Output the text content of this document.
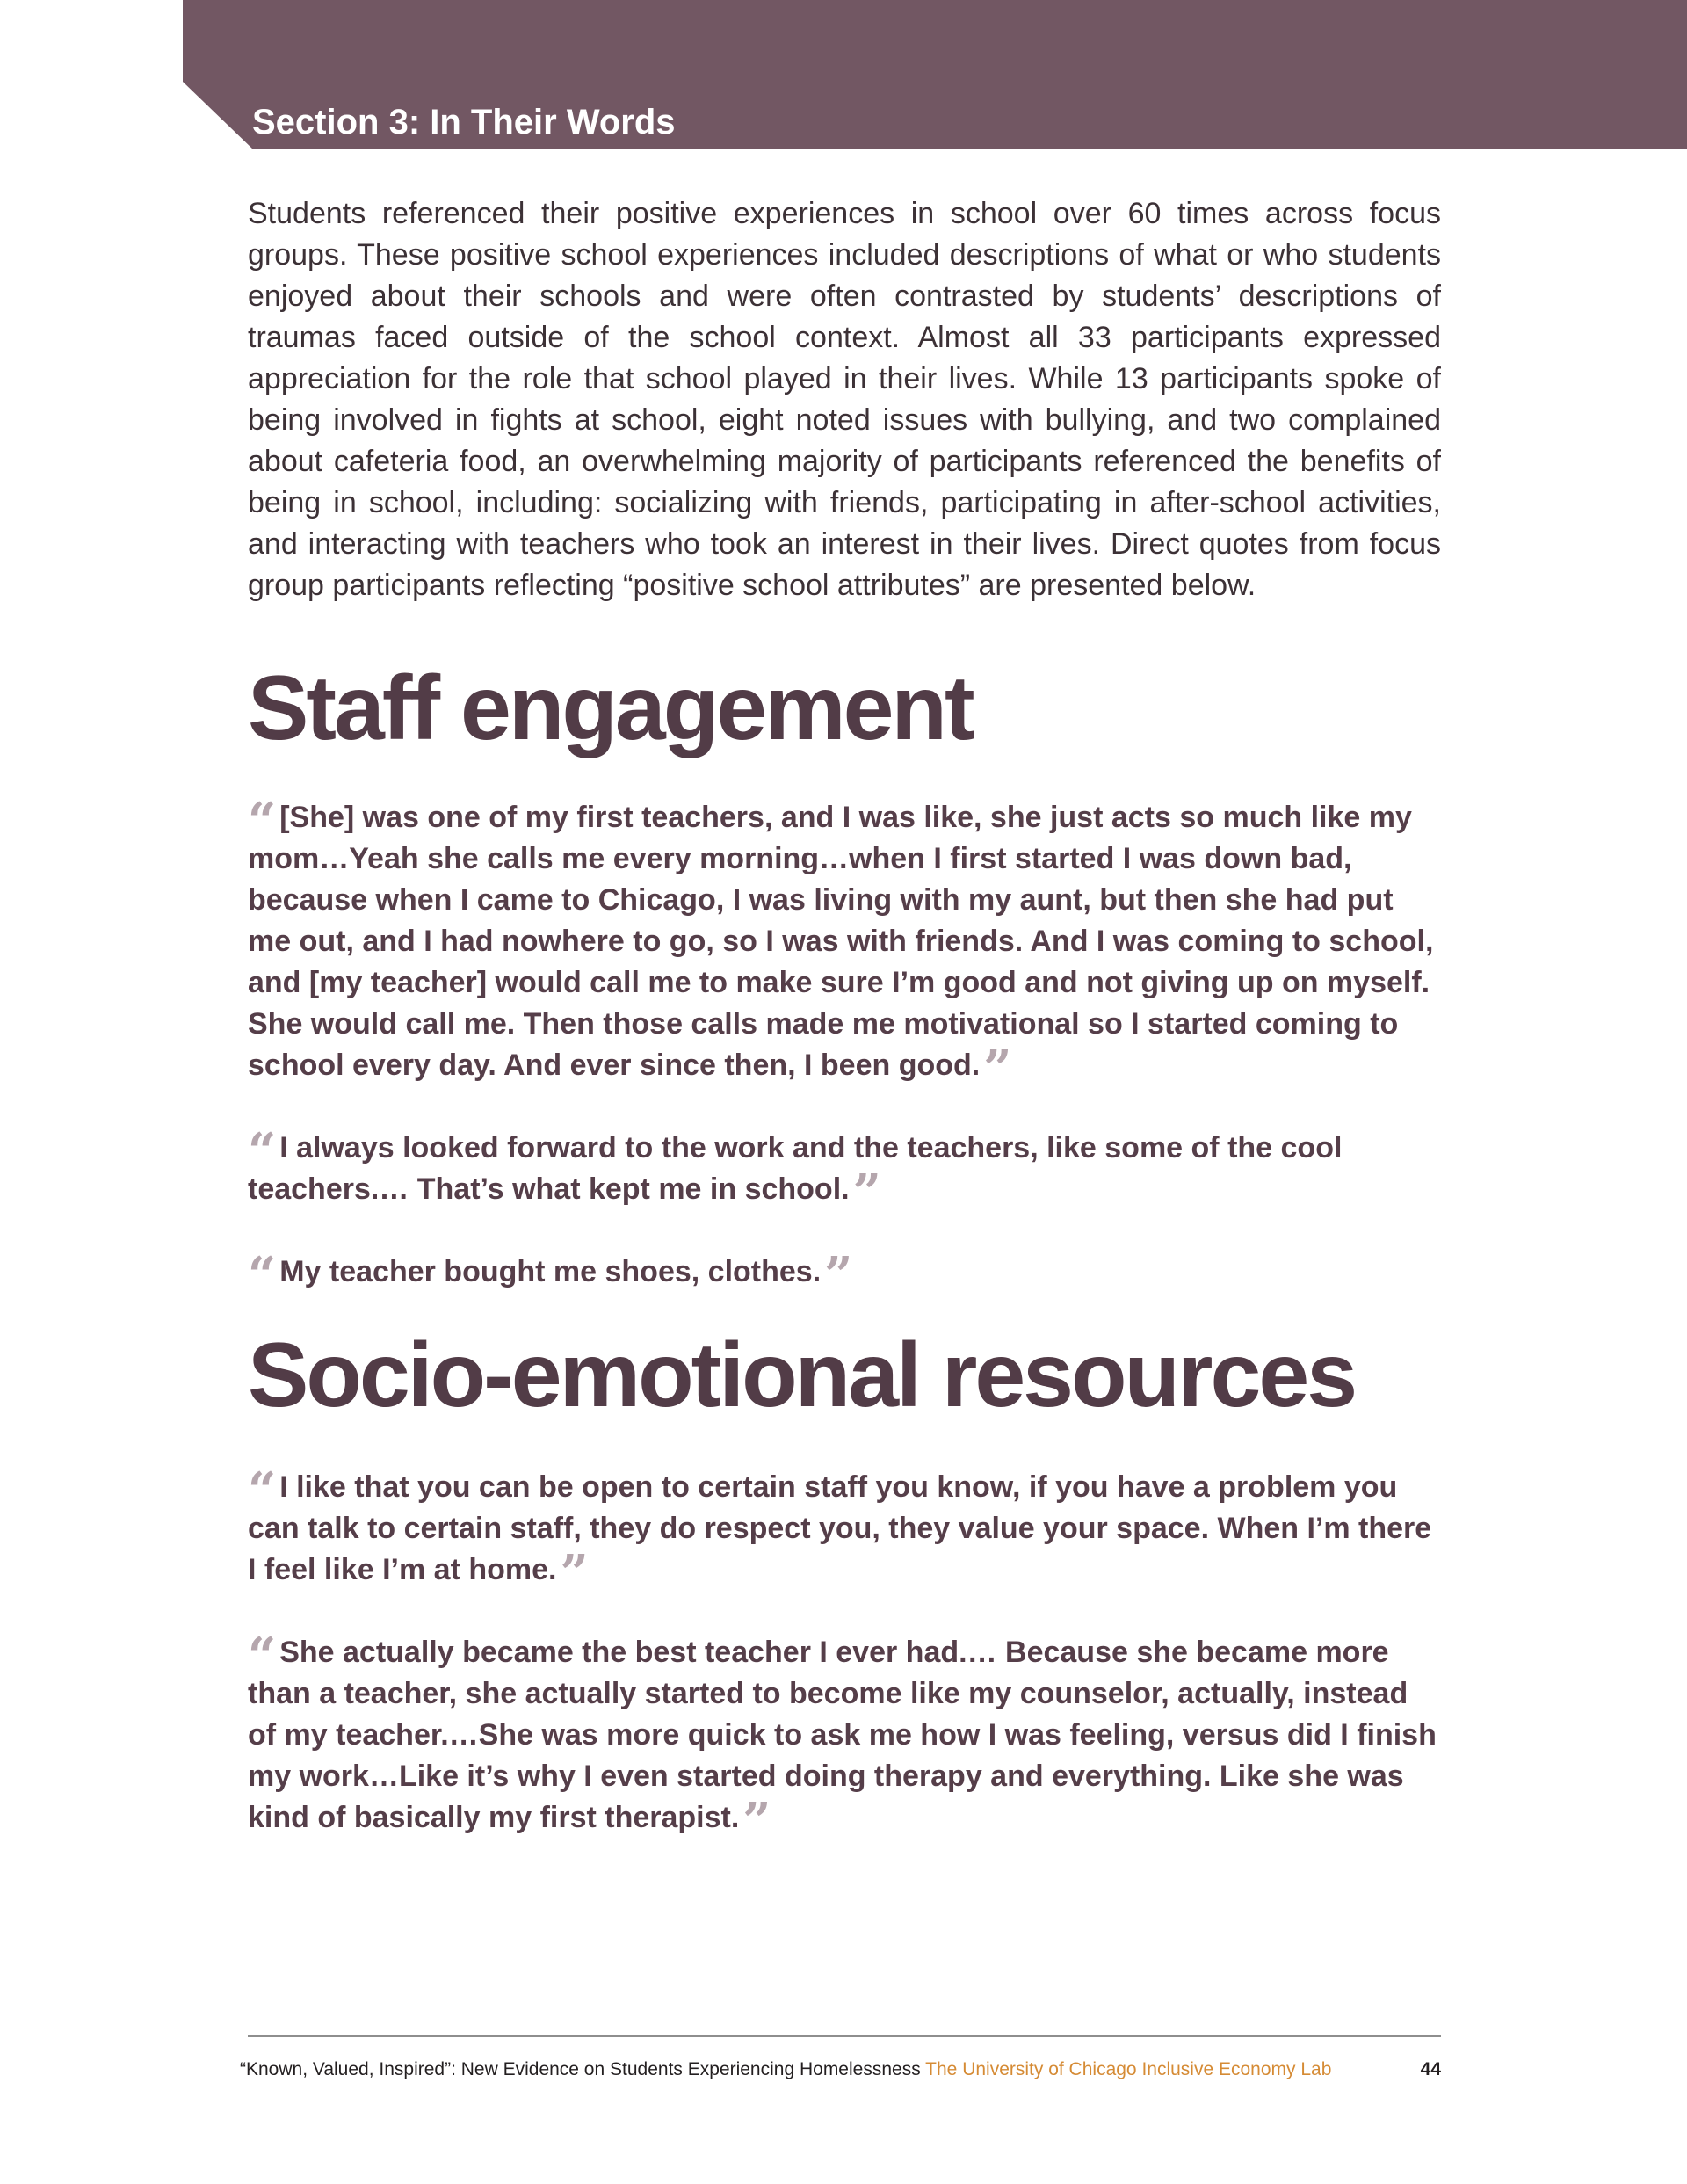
Section 3: In Their Words

Students referenced their positive experiences in school over 60 times across focus groups. These positive school experiences included descriptions of what or who students enjoyed about their schools and were often contrasted by students’ descriptions of traumas faced outside of the school context. Almost all 33 participants expressed appreciation for the role that school played in their lives. While 13 participants spoke of being involved in fights at school, eight noted issues with bullying, and two complained about cafeteria food, an overwhelming majority of participants referenced the benefits of being in school, including: socializing with friends, participating in after-school activities, and interacting with teachers who took an interest in their lives. Direct quotes from focus group participants reflecting “positive school attributes” are presented below.

Staff engagement

“ [She] was one of my first teachers, and I was like, she just acts so much like my mom…Yeah she calls me every morning…when I first started I was down bad, because when I came to Chicago, I was living with my aunt, but then she had put me out, and I had nowhere to go, so I was with friends. And I was coming to school, and [my teacher] would call me to make sure I’m good and not giving up on myself. She would call me. Then those calls made me motivational so I started coming to school every day. And ever since then, I been good.”

“ I always looked forward to the work and the teachers, like some of the cool teachers.… That’s what kept me in school.”

“ My teacher bought me shoes, clothes.”

Socio-emotional resources

“ I like that you can be open to certain staff you know, if you have a problem you can talk to certain staff, they do respect you, they value your space. When I’m there I feel like I’m at home.”

“ She actually became the best teacher I ever had.… Because she became more than a teacher, she actually started to become like my counselor, actually, instead of my teacher.…She was more quick to ask me how I was feeling, versus did I finish my work…Like it’s why I even started doing therapy and everything. Like she was kind of basically my first therapist.”

“Known, Valued, Inspired”: New Evidence on Students Experiencing Homelessness The University of Chicago Inclusive Economy Lab	44
